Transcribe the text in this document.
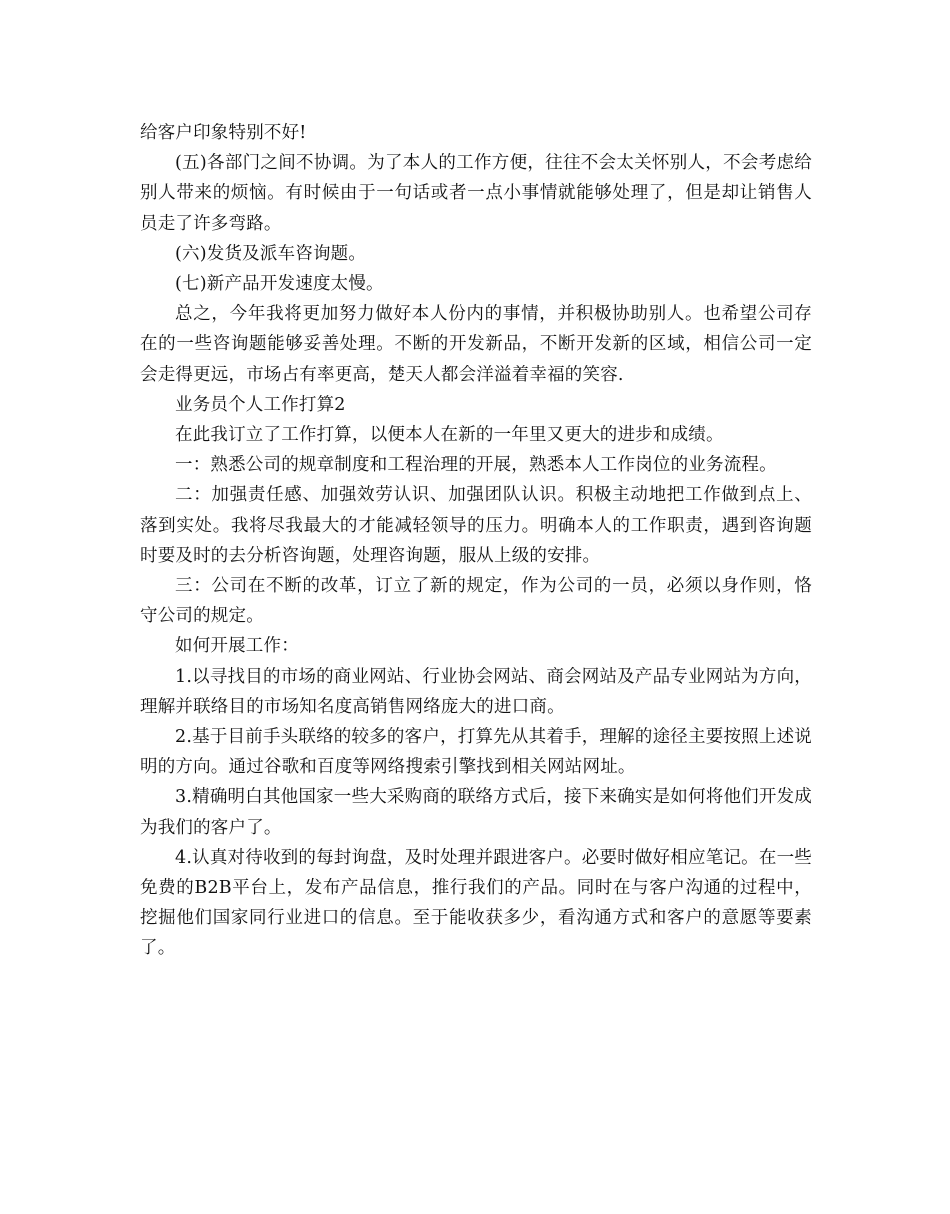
给客户印象特别不好!

(五)各部门之间不协调。为了本人的工作方便，往往不会太关怀别人，不会考虑给别人带来的烦恼。有时候由于一句话或者一点小事情就能够处理了，但是却让销售人员走了许多弯路。

(六)发货及派车咨询题。

(七)新产品开发速度太慢。

总之，今年我将更加努力做好本人份内的事情，并积极协助别人。也希望公司存在的一些咨询题能够妥善处理。不断的开发新品，不断开发新的区域，相信公司一定会走得更远，市场占有率更高，楚天人都会洋溢着幸福的笑容.

业务员个人工作打算2

在此我订立了工作打算，以便本人在新的一年里又更大的进步和成绩。

一：熟悉公司的规章制度和工程治理的开展，熟悉本人工作岗位的业务流程。

二：加强责任感、加强效劳认识、加强团队认识。积极主动地把工作做到点上、落到实处。我将尽我最大的才能减轻领导的压力。明确本人的工作职责，遇到咨询题时要及时的去分析咨询题，处理咨询题，服从上级的安排。

三：公司在不断的改革，订立了新的规定，作为公司的一员，必须以身作则，恪守公司的规定。

如何开展工作：

1.以寻找目的市场的商业网站、行业协会网站、商会网站及产品专业网站为方向，理解并联络目的市场知名度高销售网络庞大的进口商。

2.基于目前手头联络的较多的客户，打算先从其着手，理解的途径主要按照上述说明的方向。通过谷歌和百度等网络搜索引擎找到相关网站网址。

3.精确明白其他国家一些大采购商的联络方式后，接下来确实是如何将他们开发成为我们的客户了。

4.认真对待收到的每封询盘，及时处理并跟进客户。必要时做好相应笔记。在一些免费的B2B平台上，发布产品信息，推行我们的产品。同时在与客户沟通的过程中，挖掘他们国家同行业进口的信息。至于能收获多少，看沟通方式和客户的意愿等要素了。
